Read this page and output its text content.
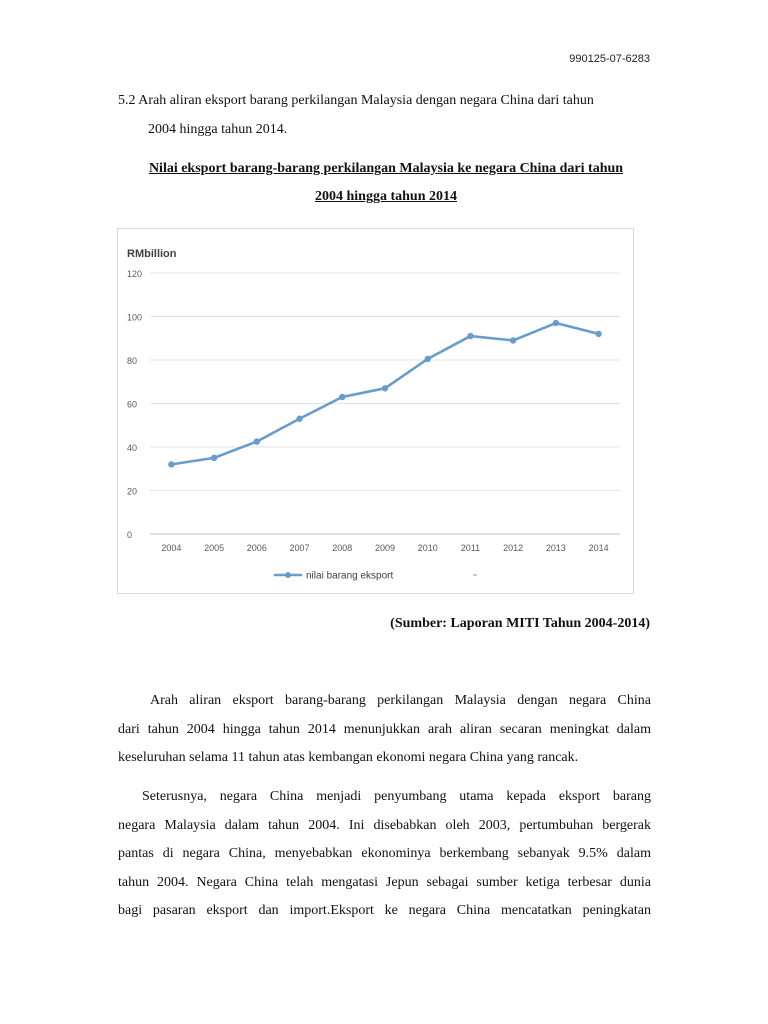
990125-07-6283
5.2 Arah aliran eksport barang perkilangan Malaysia dengan negara China dari tahun
2004 hingga tahun 2014.
Nilai eksport barang-barang perkilangan Malaysia ke negara China dari tahun
2004 hingga tahun 2014
RMbillion
0
20
40
60
80
100
120
2004	2005	2006	2007	2008	2009	2010	2011	2012	2013	2014
nilai barang eksport
(Sumber: Laporan MITI Tahun 2004-2014)
Arah aliran eksport barang-barang perkilangan Malaysia dengan negara China
dari tahun 2004 hingga tahun 2014 menunjukkan arah aliran secaran meningkat dalam
keseluruhan selama 11 tahun atas kembangan ekonomi negara China yang rancak.
Seterusnya, negara China menjadi penyumbang utama kepada eksport barang
negara Malaysia dalam tahun 2004. Ini disebabkan oleh 2003, pertumbuhan bergerak
pantas di negara China, menyebabkan ekonominya berkembang sebanyak 9.5% dalam
tahun 2004. Negara China telah mengatasi Jepun sebagai sumber ketiga terbesar dunia
bagi pasaran eksport dan import.Eksport ke negara China mencatatkan peningkatan
